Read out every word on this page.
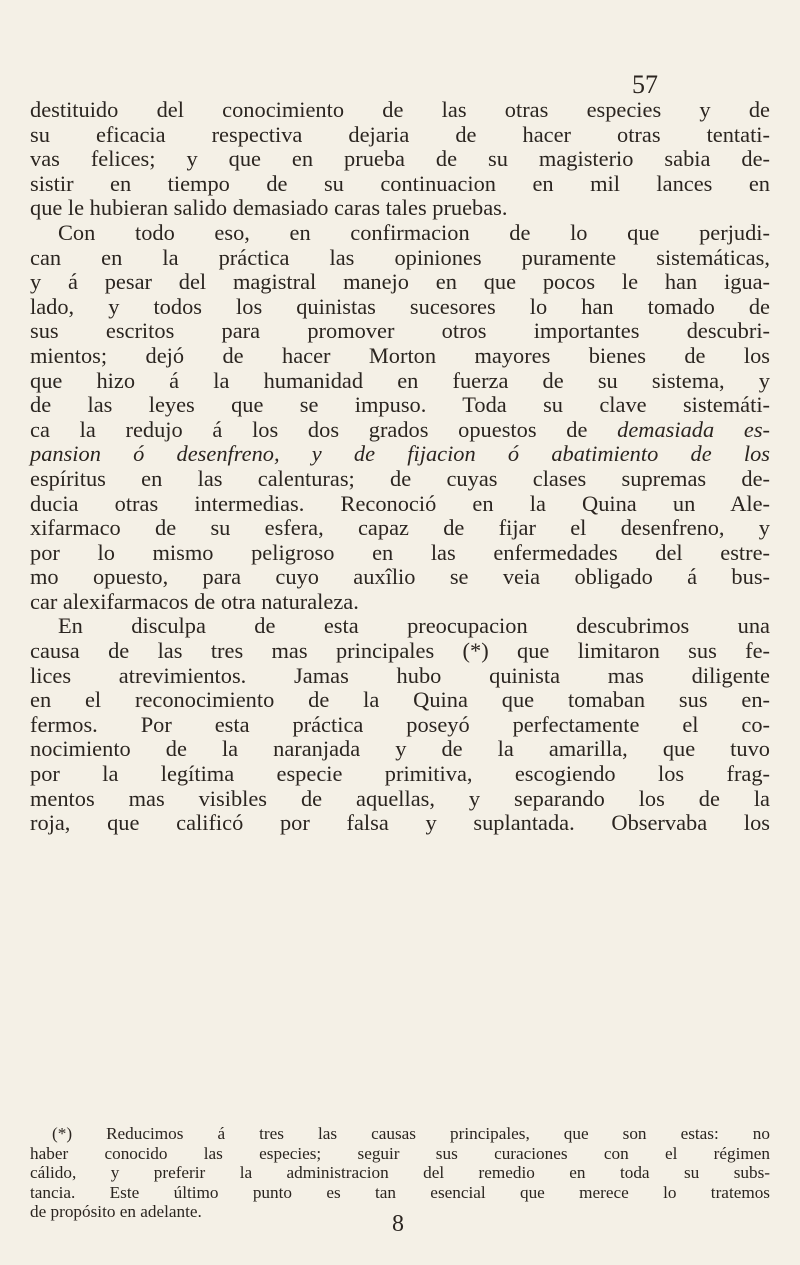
57
destituido del conocimiento de las otras especies y de
su eficacia respectiva dejaria de hacer otras tentati-
vas felices; y que en prueba de su magisterio sabia de-
sistir en tiempo de su continuacion en mil lances en
que le hubieran salido demasiado caras tales pruebas.
Con todo eso, en confirmacion de lo que perjudi-
can en la práctica las opiniones puramente sistemáticas,
y á pesar del magistral manejo en que pocos le han igua-
lado, y todos los quinistas sucesores lo han tomado de
sus escritos para promover otros importantes descubri-
mientos; dejó de hacer Morton mayores bienes de los
que hizo á la humanidad en fuerza de su sistema, y
de las leyes que se impuso. Toda su clave sistemáti-
ca la redujo á los dos grados opuestos de demasiada es-
pansion ó desenfreno, y de fijacion ó abatimiento de los
espíritus en las calenturas; de cuyas clases supremas de-
ducia otras intermedias. Reconoció en la Quina un Ale-
xifarmaco de su esfera, capaz de fijar el desenfreno, y
por lo mismo peligroso en las enfermedades del estre-
mo opuesto, para cuyo auxîlio se veia obligado á bus-
car alexifarmacos de otra naturaleza.
En disculpa de esta preocupacion descubrimos una
causa de las tres mas principales (*) que limitaron sus fe-
lices atrevimientos. Jamas hubo quinista mas diligente
en el reconocimiento de la Quina que tomaban sus en-
fermos. Por esta práctica poseyó perfectamente el co-
nocimiento de la naranjada y de la amarilla, que tuvo
por la legítima especie primitiva, escogiendo los frag-
mentos mas visibles de aquellas, y separando los de la
roja, que calificó por falsa y suplantada. Observaba los
(*) Reducimos á tres las causas principales, que son estas: no
haber conocido las especies; seguir sus curaciones con el régimen
cálido, y preferir la administracion del remedio en toda su subs-
tancia. Este último punto es tan esencial que merece lo tratemos
de propósito en adelante.	8
